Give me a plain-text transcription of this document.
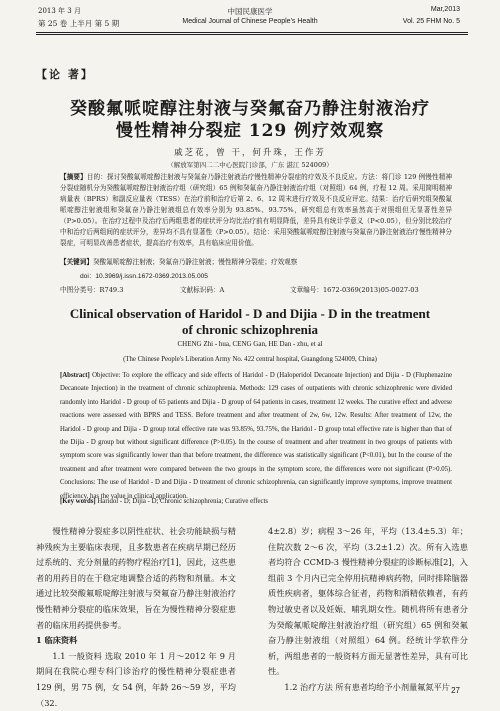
2013 年 3 月
第 25 卷 上半月 第 5 期
中国民康医学
Medical Journal of Chinese People's Health
Mar,2013
Vol. 25 FHM No. 5
【论 著】
癸酸氟哌啶醇注射液与癸氟奋乃静注射液治疗
慢性精神分裂症 129 例疗效观察
戚芝花，曾 干，何升珠，王作芳
（解放军第四二二中心医院门诊部，广东 湛江 524009）
【摘要】目的：探讨癸酸氟哌啶醇注射液与癸氟奋乃静注射液治疗慢性精神分裂症的疗效及不良反应。方法：将门诊 129 例慢性精神分裂症随机分为癸酸氟哌啶醇注射液治疗组（研究组）65 例和癸氟奋乃静注射液治疗组（对照组）64 例，疗程 12 周。采用简明精神病量表（BPRS）和副反应量表（TESS）在治疗前和治疗后第 2、6、12 周末进行疗效及不良反应评定。结果：治疗后研究组癸酸氟哌啶醇注射液组和癸氟奋乃静注射液组总有效率分别为 93.85%、93.75%，研究组总有效率虽然高于对照组但无显著性差异（P>0.05）。在治疗过程中及治疗后两组患者的症状评分均比治疗前有明显降低，差异具有统计学意义（P<0.05），但分别比较治疗中和治疗后两组间的症状评分，差异均不具有显著性（P>0.05）。结论：采用癸酸氟哌啶醇注射液与癸氟奋乃静注射液治疗慢性精神分裂症，可明显改善患者症状，提高治疗有效率，具有临床应用价值。
【关键词】癸酸氟哌啶醇注射液；癸氟奋乃静注射液；慢性精神分裂症；疗效观察
doi：10.3969/j.issn.1672-0369.2013.05.005
中图分类号：R749.3	文献标识码：A	文章编号：1672-0369(2013)05-0027-03
Clinical observation of Haridol - D and Dijia - D in the treatment
of chronic schizophrenia
CHENG Zhi - hua, CENG Gan, HE Dan - zhu, et al
(The Chinese People's Liberation Army No. 422 central hospital, Guangdong 524009, China)
[Abstract] Objective: To explore the efficacy and side effects of Haridol - D (Haloperidol Decanoate Injection) and Dijia - D (Fluphenazine Decanoate Injection) in the treatment of chronic schizophrenia. Methods: 129 cases of outpatients with chronic schizophrenic were divided randomly into Haridol - D group of 65 patients and Dijia - D group of 64 patients in cases, treatment 12 weeks. The curative effect and adverse reactions were assessed with BPRS and TESS. Before treatment and after treatment of 2w, 6w, 12w. Results: After treatment of 12w, the Haridol - D group and Dijia - D group total effective rate was 93.85%, 93.75%, the Haridol - D group total effective rate is higher than that of the Dijia - D group but without significant difference (P>0.05). In the course of treatment and after treatment in two groups of patients with symptom score was significantly lower than that before treatment, the difference was statistically significant (P<0.01), but In the course of the treatment and after treatment were compared between the two groups in the symptom score, the differences were not significant (P>0.05). Conclusions: The use of Haridol - D and Dijia - D treatment of chronic schizophrenia, can significantly improve symptoms, improve treatment efficiency, has the value in clinical application.
[Key words] Haridol - D; Dijia - D; Chronic schizophrenia; Curative effects

慢性精神分裂症多以阴性症状、社会功能缺损与精神残疾为主要临床表现，且多数患者在疾病早期已经历过系统的、充分剂量的药物疗程治疗[1]，因此，这些患者的用药目的在于稳定地调整合适的药物和剂量。本文通过比较癸酸氟哌啶醇注射液与癸氟奋乃静注射液治疗慢性精神分裂症的临床效果，旨在为慢性精神分裂症患者的临床用药提供参考。

1 临床资料

1.1 一般资料 选取 2010 年 1 月～2012 年 9 月期间在我院心理专科门诊治疗的慢性精神分裂症患者 129 例，男 75 例，女 54 例，年龄 26～59 岁，平均（32.

4±2.8）岁；病程 3～26 年，平均（13.4±5.3）年；住院次数 2～6 次，平均（3.2±1.2）次。所有入选患者均符合 CCMD-3 慢性精神分裂症的诊断标准[2]，入组前 3 个月内已完全停用抗精神病药物，同时排除脑器质性疾病者，躯体综合征者，药物和酒精依赖者，有药物过敏史者以及妊娠、哺乳期女性。随机将所有患者分为癸酸氟哌啶醇注射液治疗组（研究组）65 例和癸氟奋乃静注射液组（对照组）64 例。经统计学软件分析，两组患者的一般资料方面无显著性差异，具有可比性。

1.2 治疗方法 所有患者均给予小剂量氟氮平片 27
